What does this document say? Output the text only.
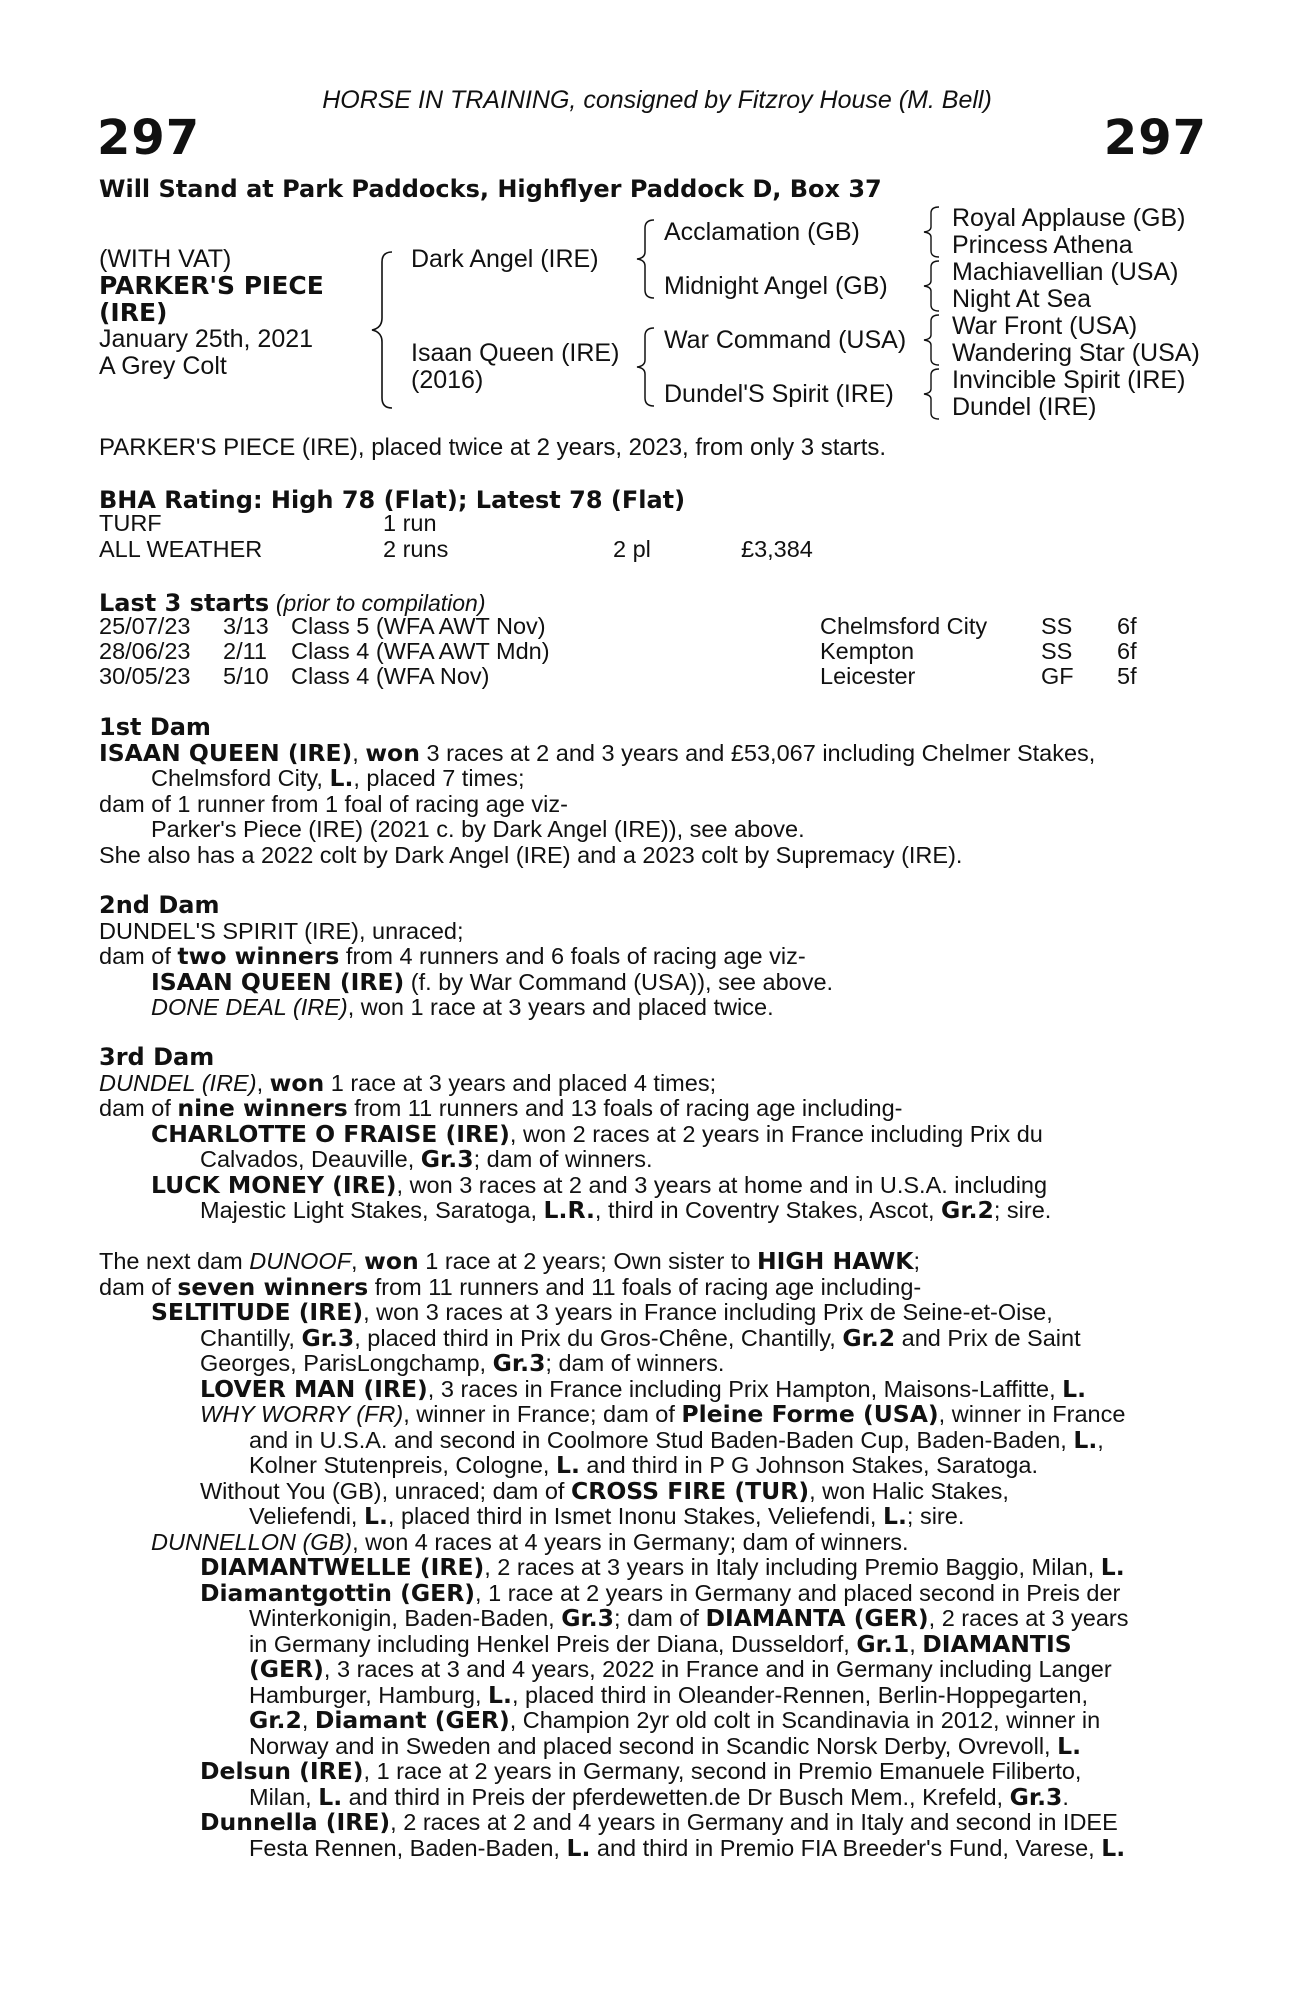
297	297
HORSE IN TRAINING, consigned by Fitzroy House (M. Bell)
Will Stand at Park Paddocks, Highflyer Paddock D, Box 37
(WITH VAT)
PARKER'S PIECE
(IRE)
January 25th, 2021
A Grey Colt
Dark Angel (IRE)
Isaan Queen (IRE)
(2016)
Acclamation (GB)
Midnight Angel (GB)
War Command (USA)
Dundel'S Spirit (IRE)
Royal Applause (GB)
Princess Athena
Machiavellian (USA)
Night At Sea
War Front (USA)
Wandering Star (USA)
Invincible Spirit (IRE)
Dundel (IRE)
PARKER'S PIECE (IRE), placed twice at 2 years, 2023, from only 3 starts.
BHA Rating: High 78 (Flat); Latest 78 (Flat)
TURF	1 run
ALL WEATHER	2 runs	2 pl	£3,384
Last 3 starts (prior to compilation)
25/07/23 3/13 Class 5 (WFA AWT Nov)	Chelmsford City SS 6f
28/06/23 2/11 Class 4 (WFA AWT Mdn)	Kempton	SS 6f
30/05/23 5/10 Class 4 (WFA Nov)	Leicester	GF 5f
1st Dam
ISAAN QUEEN (IRE), won 3 races at 2 and 3 years and £53,067 including Chelmer Stakes,
Chelmsford City, L., placed 7 times;
dam of 1 runner from 1 foal of racing age viz-
Parker's Piece (IRE) (2021 c. by Dark Angel (IRE)), see above.
She also has a 2022 colt by Dark Angel (IRE) and a 2023 colt by Supremacy (IRE).
2nd Dam
DUNDEL'S SPIRIT (IRE), unraced;
dam of two winners from 4 runners and 6 foals of racing age viz-
ISAAN QUEEN (IRE) (f. by War Command (USA)), see above.
DONE DEAL (IRE), won 1 race at 3 years and placed twice.
3rd Dam
DUNDEL (IRE), won 1 race at 3 years and placed 4 times;
dam of nine winners from 11 runners and 13 foals of racing age including-
CHARLOTTE O FRAISE (IRE), won 2 races at 2 years in France including Prix du
Calvados, Deauville, Gr.3; dam of winners.
LUCK MONEY (IRE), won 3 races at 2 and 3 years at home and in U.S.A. including
Majestic Light Stakes, Saratoga, L.R., third in Coventry Stakes, Ascot, Gr.2; sire.
The next dam DUNOOF, won 1 race at 2 years; Own sister to HIGH HAWK;
dam of seven winners from 11 runners and 11 foals of racing age including-
SELTITUDE (IRE), won 3 races at 3 years in France including Prix de Seine-et-Oise,
Chantilly, Gr.3, placed third in Prix du Gros-Chêne, Chantilly, Gr.2 and Prix de Saint
Georges, ParisLongchamp, Gr.3; dam of winners.
LOVER MAN (IRE), 3 races in France including Prix Hampton, Maisons-Laffitte, L.
WHY WORRY (FR), winner in France; dam of Pleine Forme (USA), winner in France
and in U.S.A. and second in Coolmore Stud Baden-Baden Cup, Baden-Baden, L.,
Kolner Stutenpreis, Cologne, L. and third in P G Johnson Stakes, Saratoga.
Without You (GB), unraced; dam of CROSS FIRE (TUR), won Halic Stakes,
Veliefendi, L., placed third in Ismet Inonu Stakes, Veliefendi, L.; sire.
DUNNELLON (GB), won 4 races at 4 years in Germany; dam of winners.
DIAMANTWELLE (IRE), 2 races at 3 years in Italy including Premio Baggio, Milan, L.
Diamantgottin (GER), 1 race at 2 years in Germany and placed second in Preis der
Winterkonigin, Baden-Baden, Gr.3; dam of DIAMANTA (GER), 2 races at 3 years
in Germany including Henkel Preis der Diana, Dusseldorf, Gr.1, DIAMANTIS
(GER), 3 races at 3 and 4 years, 2022 in France and in Germany including Langer
Hamburger, Hamburg, L., placed third in Oleander-Rennen, Berlin-Hoppegarten,
Gr.2, Diamant (GER), Champion 2yr old colt in Scandinavia in 2012, winner in
Norway and in Sweden and placed second in Scandic Norsk Derby, Ovrevoll, L.
Delsun (IRE), 1 race at 2 years in Germany, second in Premio Emanuele Filiberto,
Milan, L. and third in Preis der pferdewetten.de Dr Busch Mem., Krefeld, Gr.3.
Dunnella (IRE), 2 races at 2 and 4 years in Germany and in Italy and second in IDEE
Festa Rennen, Baden-Baden, L. and third in Premio FIA Breeder's Fund, Varese, L.
